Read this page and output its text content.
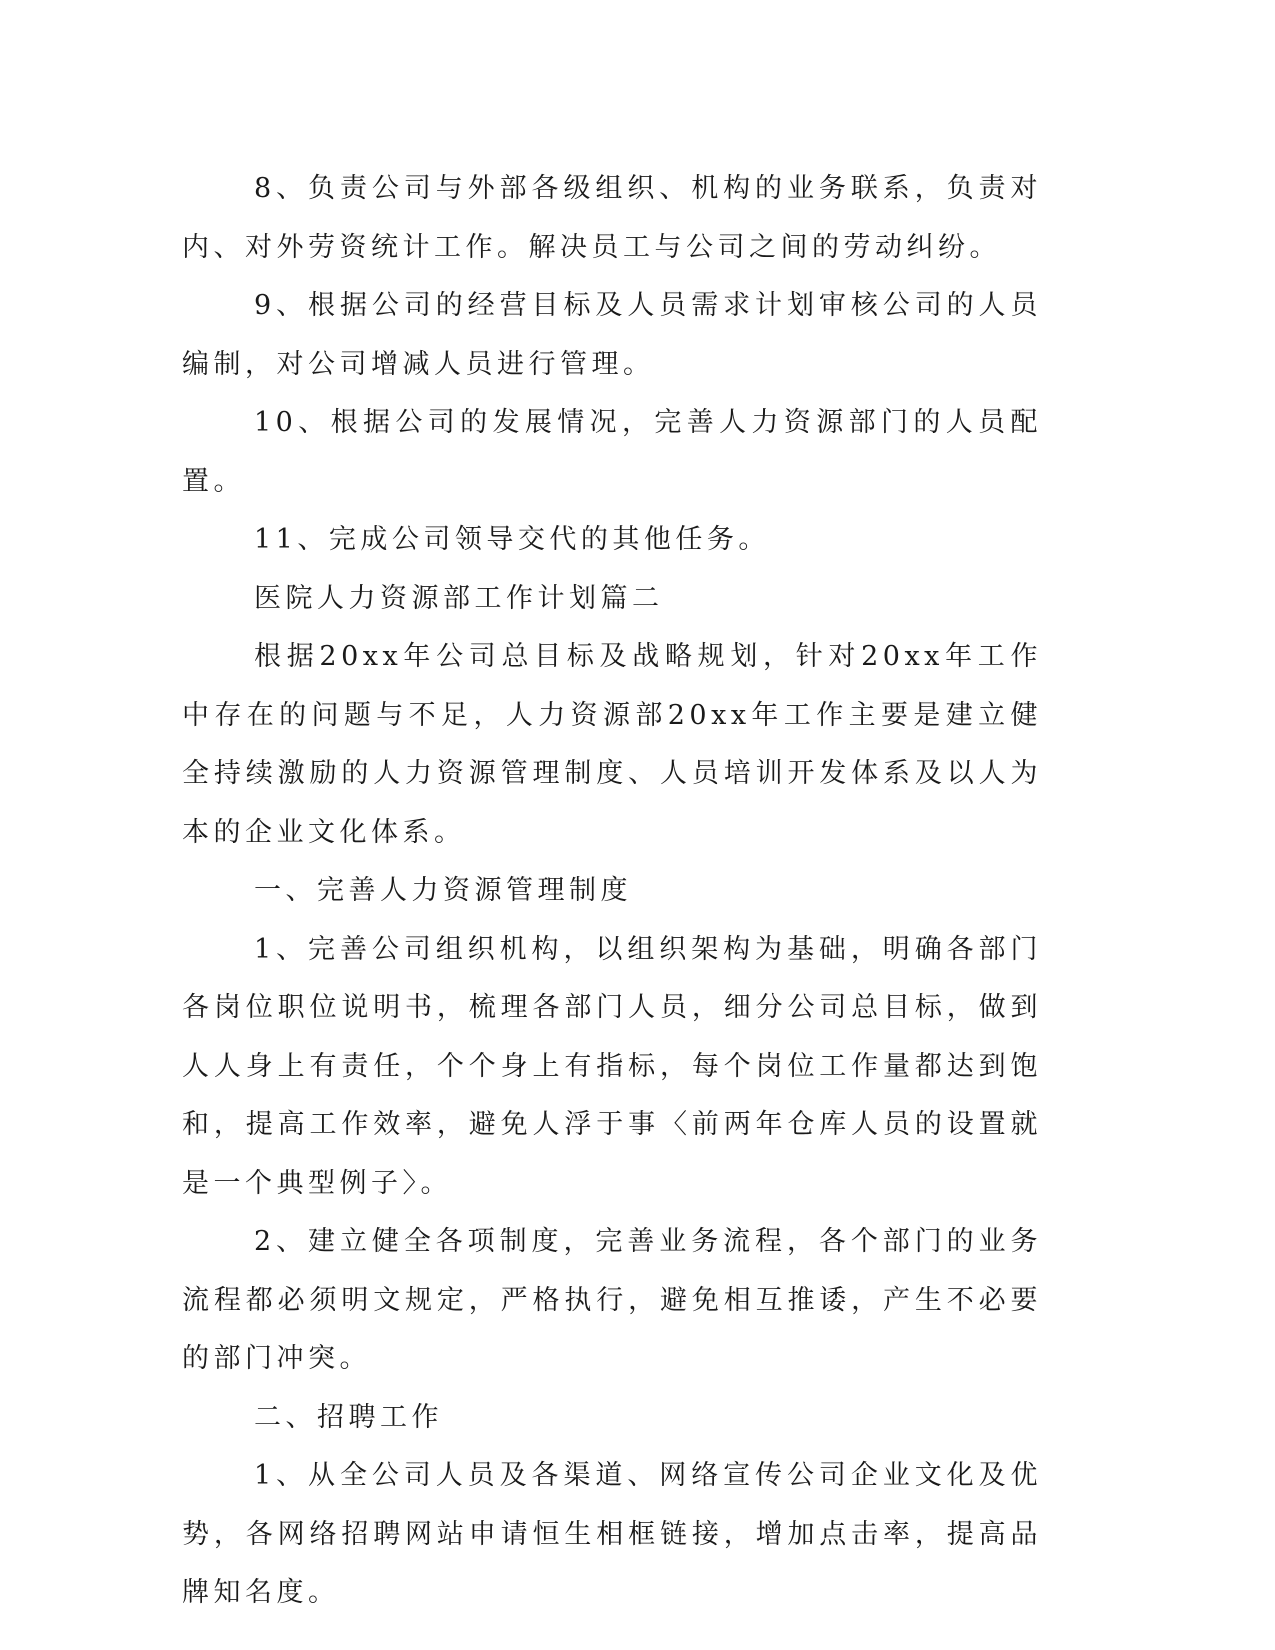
8、负责公司与外部各级组织、机构的业务联系，负责对内、对外劳资统计工作。解决员工与公司之间的劳动纠纷。

9、根据公司的经营目标及人员需求计划审核公司的人员编制，对公司增减人员进行管理。

10、根据公司的发展情况，完善人力资源部门的人员配置。

11、完成公司领导交代的其他任务。

医院人力资源部工作计划篇二

根据20xx年公司总目标及战略规划，针对20xx年工作中存在的问题与不足，人力资源部20xx年工作主要是建立健全持续激励的人力资源管理制度、人员培训开发体系及以人为本的企业文化体系。

一、完善人力资源管理制度

1、完善公司组织机构，以组织架构为基础，明确各部门各岗位职位说明书，梳理各部门人员，细分公司总目标，做到人人身上有责任，个个身上有指标，每个岗位工作量都达到饱和，提高工作效率，避免人浮于事〈前两年仓库人员的设置就是一个典型例子〉。

2、建立健全各项制度，完善业务流程，各个部门的业务流程都必须明文规定，严格执行，避免相互推诿，产生不必要的部门冲突。

二、招聘工作

1、从全公司人员及各渠道、网络宣传公司企业文化及优势，各网络招聘网站申请恒生相框链接，增加点击率，提高品牌知名度。
